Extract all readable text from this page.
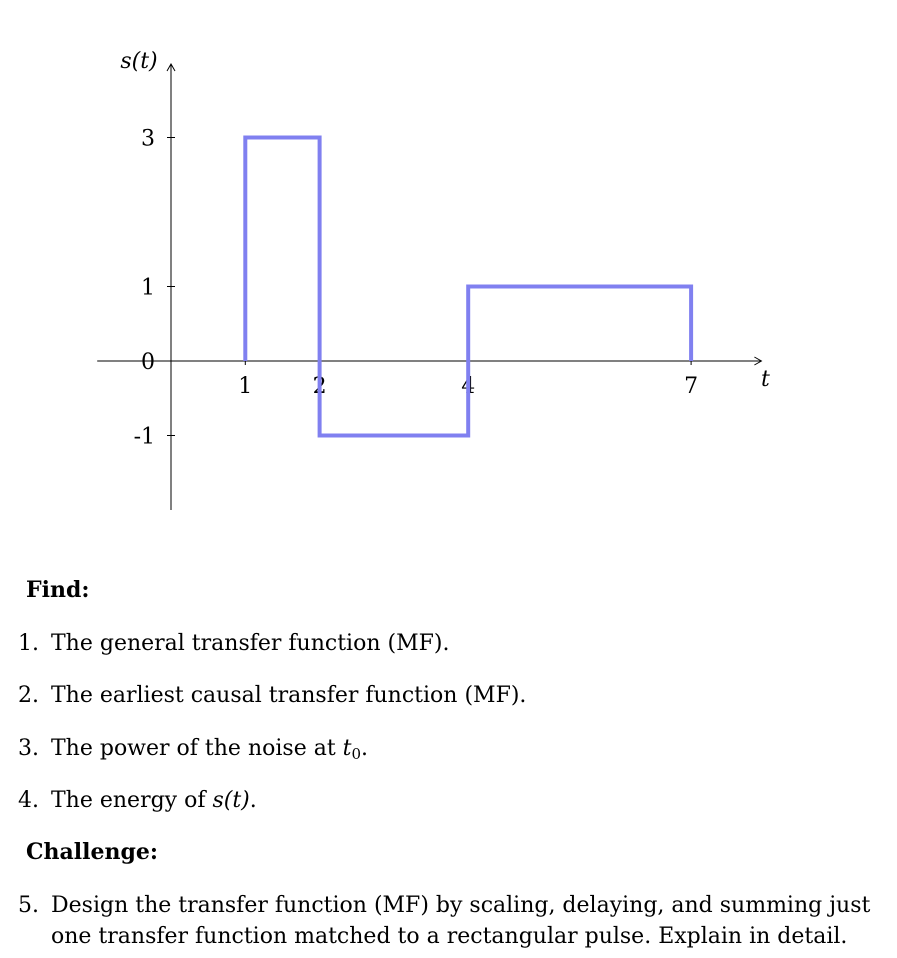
1	2	4	7
3
1
0
-1
t
s(t)
Find:
1. The general transfer function (MF).
2. The earliest causal transfer function (MF).
3. The power of the noise at $t_0$.
4. The energy of s(t).
Challenge:
5. Design the transfer function (MF) by scaling, delaying, and summing just one transfer function matched to a rectangular pulse. Explain in detail.
